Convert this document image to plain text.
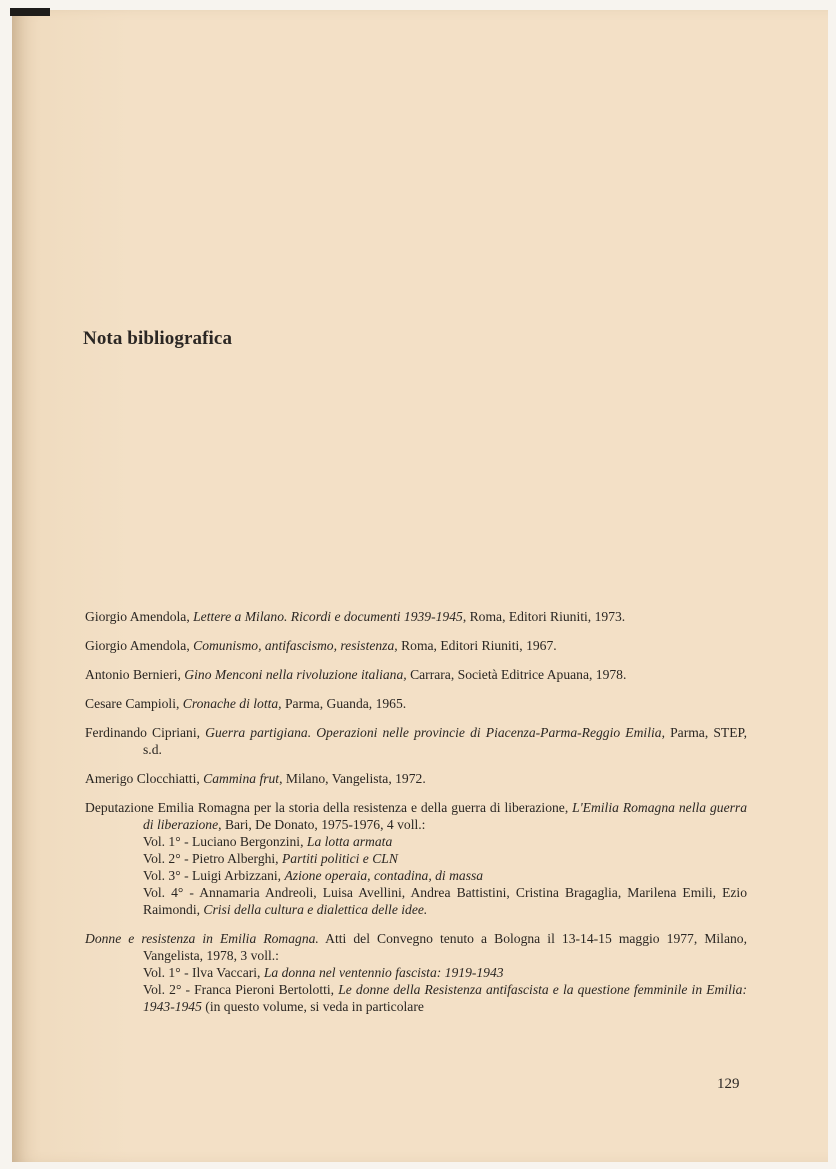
Nota bibliografica
Giorgio Amendola, Lettere a Milano. Ricordi e documenti 1939-1945, Roma, Editori Riuniti, 1973.
Giorgio Amendola, Comunismo, antifascismo, resistenza, Roma, Editori Riuniti, 1967.
Antonio Bernieri, Gino Menconi nella rivoluzione italiana, Carrara, Società Editrice Apuana, 1978.
Cesare Campioli, Cronache di lotta, Parma, Guanda, 1965.
Ferdinando Cipriani, Guerra partigiana. Operazioni nelle provincie di Piacenza-Parma-Reggio Emilia, Parma, STEP, s.d.
Amerigo Clocchiatti, Cammina frut, Milano, Vangelista, 1972.
Deputazione Emilia Romagna per la storia della resistenza e della guerra di liberazione, L'Emilia Romagna nella guerra di liberazione, Bari, De Donato, 1975-1976, 4 voll.:
Vol. 1° - Luciano Bergonzini, La lotta armata
Vol. 2° - Pietro Alberghi, Partiti politici e CLN
Vol. 3° - Luigi Arbizzani, Azione operaia, contadina, di massa
Vol. 4° - Annamaria Andreoli, Luisa Avellini, Andrea Battistini, Cristina Bragaglia, Marilena Emili, Ezio Raimondi, Crisi della cultura e dialettica delle idee.
Donne e resistenza in Emilia Romagna. Atti del Convegno tenuto a Bologna il 13-14-15 maggio 1977, Milano, Vangelista, 1978, 3 voll.:
Vol. 1° - Ilva Vaccari, La donna nel ventennio fascista: 1919-1943
Vol. 2° - Franca Pieroni Bertolotti, Le donne della Resistenza antifascista e la questione femminile in Emilia: 1943-1945 (in questo volume, si veda in particolare
129
